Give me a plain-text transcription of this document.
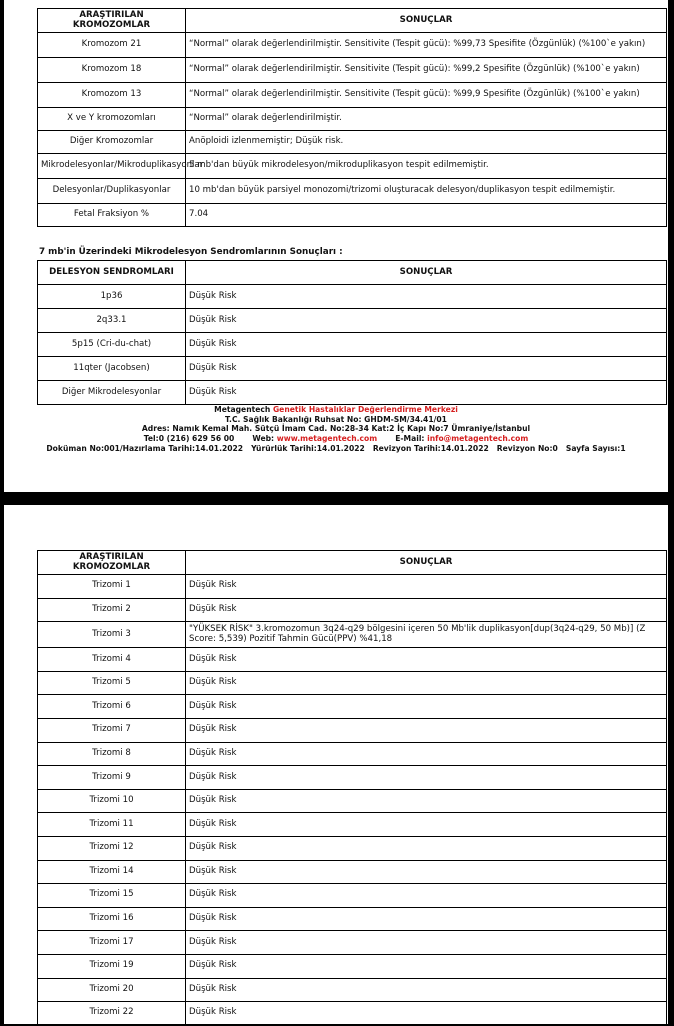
ARAŞTIRILAN KROMOZOMLAR	SONUÇLAR
Kromozom 21	“Normal” olarak değerlendirilmiştir. Sensitivite (Tespit gücü): %99,73 Spesifite (Özgünlük) (%100`e yakın)
Kromozom 18	“Normal” olarak değerlendirilmiştir. Sensitivite (Tespit gücü): %99,2 Spesifite (Özgünlük) (%100`e yakın)
Kromozom 13	“Normal” olarak değerlendirilmiştir. Sensitivite (Tespit gücü): %99,9 Spesifite (Özgünlük) (%100`e yakın)
X ve Y kromozomları	“Normal” olarak değerlendirilmiştir.
Diğer Kromozomlar	Anöploidi izlenmemiştir; Düşük risk.
Mikrodelesyonlar/Mikroduplikasyonlar	5 mb'dan büyük mikrodelesyon/mikroduplikasyon tespit edilmemiştir.
Delesyonlar/Duplikasyonlar	10 mb'dan büyük parsiyel monozomi/trizomi oluşturacak delesyon/duplikasyon tespit edilmemiştir.
Fetal Fraksiyon %	7.04
7 mb'in Üzerindeki Mikrodelesyon Sendromlarının Sonuçları :
DELESYON SENDROMLARI	SONUÇLAR
1p36	Düşük Risk
2q33.1	Düşük Risk
5p15 (Cri-du-chat)	Düşük Risk
11qter (Jacobsen)	Düşük Risk
Diğer Mikrodelesyonlar	Düşük Risk
Metagentech Genetik Hastalıklar Değerlendirme Merkezi
T.C. Sağlık Bakanlığı Ruhsat No: GHDM-SM/34.41/01
Adres: Namık Kemal Mah. Sütçü İmam Cad. No:28-34 Kat:2 İç Kapı No:7 Ümraniye/İstanbul
Tel:0 (216) 629 56 00 Web: www.metagentech.com E-Mail: info@metagentech.com
Doküman No:001/Hazırlama Tarihi:14.01.2022 Yürürlük Tarihi:14.01.2022 Revizyon Tarihi:14.01.2022 Revizyon No:0 Sayfa Sayısı:1
ARAŞTIRILAN KROMOZOMLAR	SONUÇLAR
Trizomi 1	Düşük Risk
Trizomi 2	Düşük Risk
Trizomi 3	"YÜKSEK RİSK" 3.kromozomun 3q24-q29 bölgesini içeren 50 Mb'lik duplikasyon[dup(3q24-q29, 50 Mb)] (Z Score: 5,539) Pozitif Tahmin Gücü(PPV) %41,18
Trizomi 4	Düşük Risk
Trizomi 5	Düşük Risk
Trizomi 6	Düşük Risk
Trizomi 7	Düşük Risk
Trizomi 8	Düşük Risk
Trizomi 9	Düşük Risk
Trizomi 10	Düşük Risk
Trizomi 11	Düşük Risk
Trizomi 12	Düşük Risk
Trizomi 14	Düşük Risk
Trizomi 15	Düşük Risk
Trizomi 16	Düşük Risk
Trizomi 17	Düşük Risk
Trizomi 19	Düşük Risk
Trizomi 20	Düşük Risk
Trizomi 22	Düşük Risk
